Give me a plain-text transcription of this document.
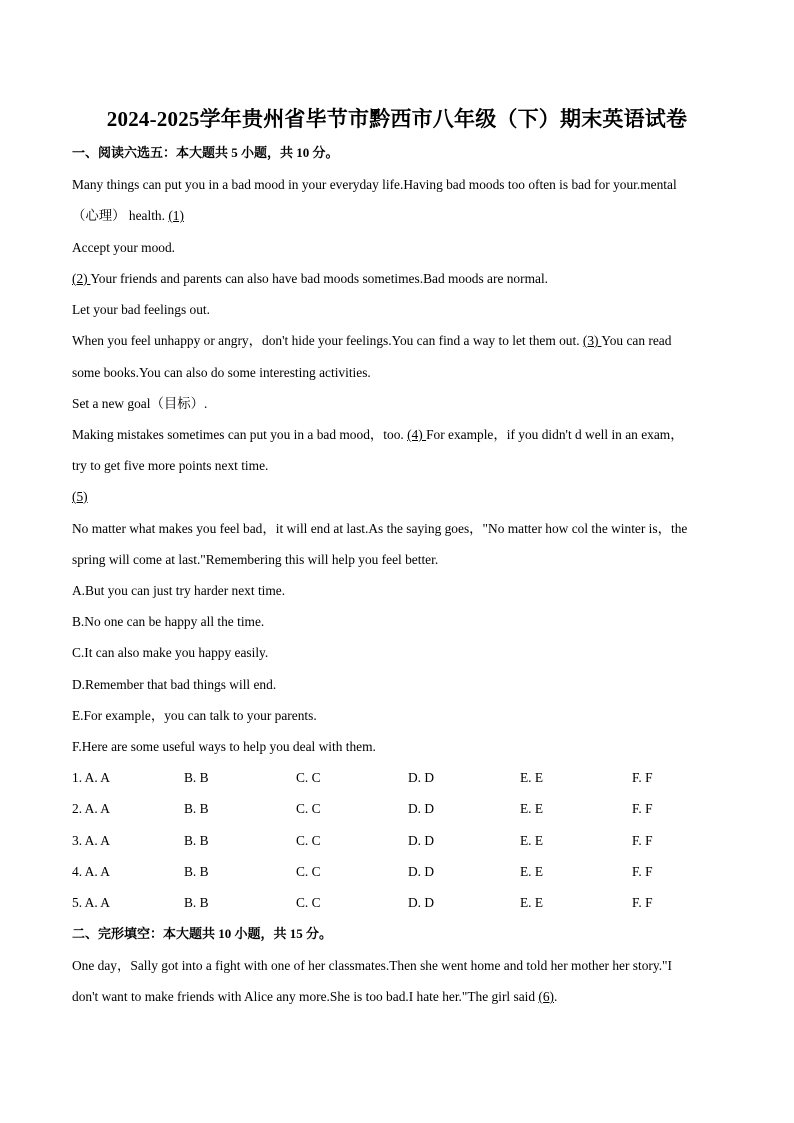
2024-2025学年贵州省毕节市黔西市八年级（下）期末英语试卷
一、阅读六选五：本大题共 5 小题，共 10 分。
Many things can put you in a bad mood in your everyday life.Having bad moods too often is bad for your.mental
（心理） health. (1)
Accept your mood.
(2) Your friends and parents can also have bad moods sometimes.Bad moods are normal.
Let your bad feelings out.
When you feel unhappy or angry，don't hide your feelings.You can find a way to let them out. (3) You can read
some books.You can also do some interesting activities.
Set a new goal（目标）.
Making mistakes sometimes can put you in a bad mood，too. (4) For example，if you didn't d well in an exam，
try to get five more points next time.
(5)
No matter what makes you feel bad，it will end at last.As the saying goes，"No matter how col the winter is，the
spring will come at last."Remembering this will help you feel better.
A.But you can just try harder next time.
B.No one can be happy all the time.
C.It can also make you happy easily.
D.Remember that bad things will end.
E.For example，you can talk to your parents.
F.Here are some useful ways to help you deal with them.
1. A. A	B. B	C. C	D. D	E. E	F. F
2. A. A	B. B	C. C	D. D	E. E	F. F
3. A. A	B. B	C. C	D. D	E. E	F. F
4. A. A	B. B	C. C	D. D	E. E	F. F
5. A. A	B. B	C. C	D. D	E. E	F. F
二、完形填空：本大题共 10 小题，共 15 分。
One day，Sally got into a fight with one of her classmates.Then she went home and told her mother her story."I
don't want to make friends with Alice any more.She is too bad.I hate her."The girl said (6).
